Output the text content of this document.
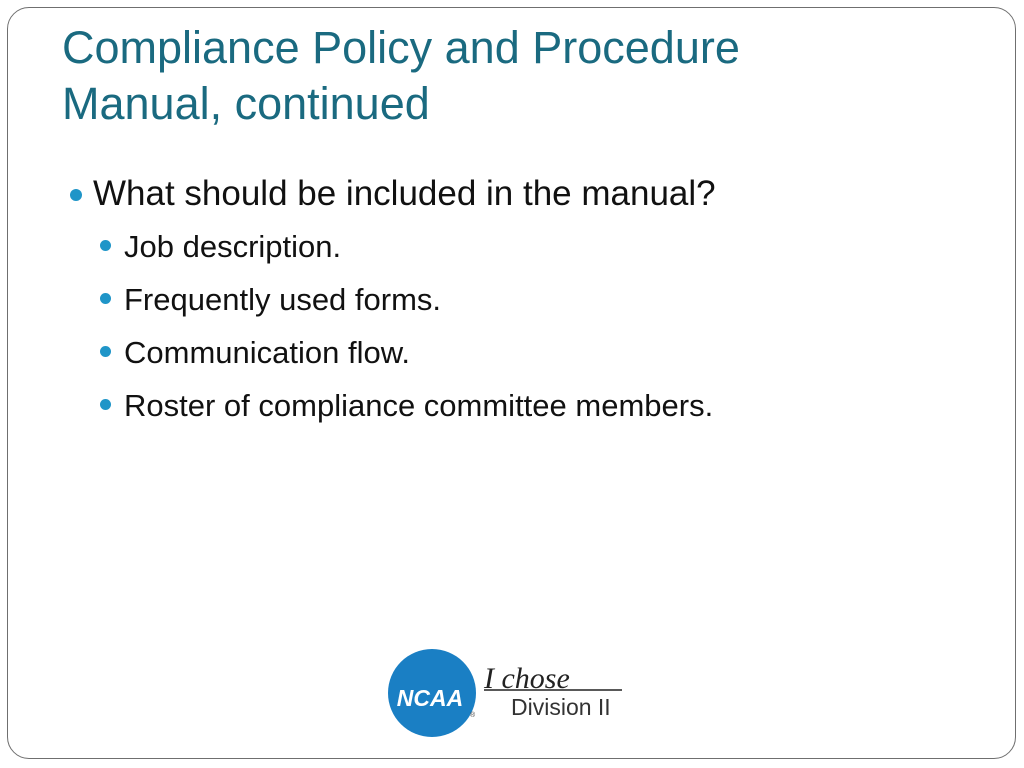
Compliance Policy and Procedure
Manual, continued
What should be included in the manual?
Job description.
Frequently used forms.
Communication flow.
Roster of compliance committee members.
NCAA
®
I chose
Division II
